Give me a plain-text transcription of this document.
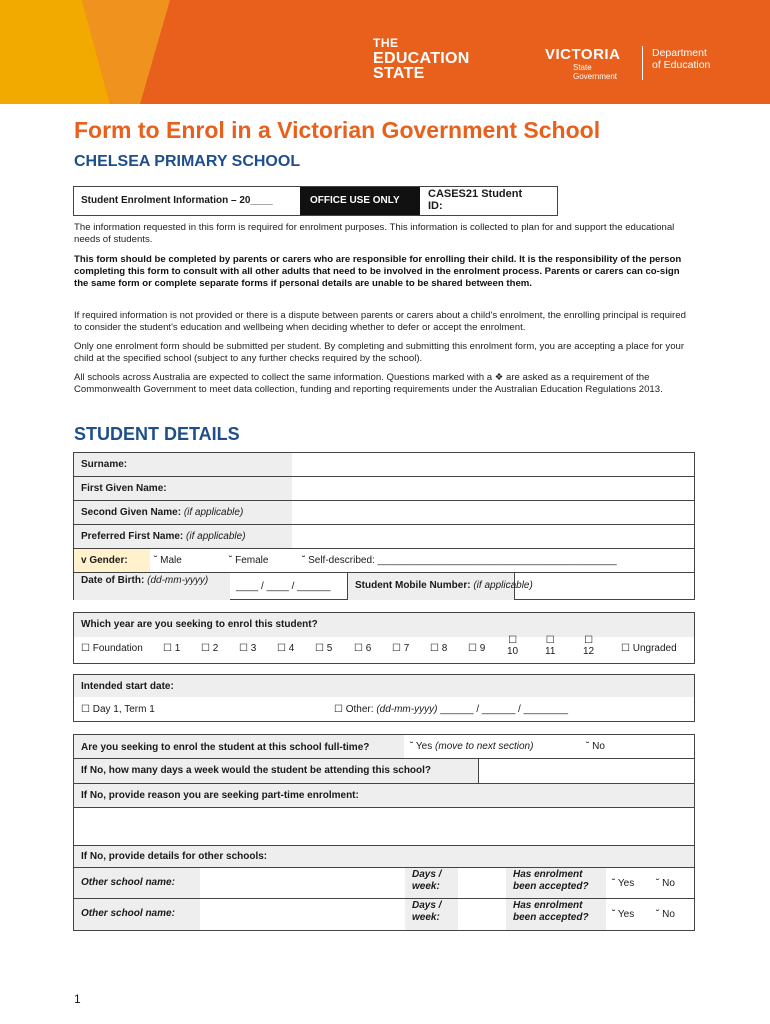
THE
EDUCATION
STATE
VICTORIA
State
Government
Department
of Education
Form to Enrol in a Victorian Government School
CHELSEA PRIMARY SCHOOL
Student Enrolment Information – 20____	OFFICE USE ONLY
CASES21 Student
ID:
The information requested in this form is required for enrolment purposes. This information is collected to plan for and support the educational needs of students.
This form should be completed by parents or carers who are responsible for enrolling their child. It is the responsibility of the person completing this form to consult with all other adults that need to be involved in the enrolment process. Parents or carers can co-sign the same form or complete separate forms if personal details are unable to be shared between them.
If required information is not provided or there is a dispute between parents or carers about a child's enrolment, the enrolling principal is required to consider the student's education and wellbeing when deciding whether to defer or accept the enrolment.
Only one enrolment form should be submitted per student. By completing and submitting this enrolment form, you are accepting a place for your child at the specified school (subject to any further checks required by the school).
All schools across Australia are expected to collect the same information. Questions marked with a ❖ are asked as a requirement of the Commonwealth Government to meet data collection, funding and reporting requirements under the Australian Education Regulations 2013.
STUDENT DETAILS
Surname:
First Given Name:
Second Given Name: (if applicable)
Preferred First Name: (if applicable)
v Gender:	˘ Male	˘ Female	˘ Self-described: ___________________________________________
Date of Birth: (dd-mm-yyyy)
____ / ____ / ______	Student Mobile Number: (if applicable)
Which year are you seeking to enrol this student?
☐ Foundation ☐ 1 ☐ 2 ☐ 3 ☐ 4 ☐ 5 ☐ 6 ☐ 7 ☐ 8 ☐ 9
☐
10
☐
11
☐
12	☐ Ungraded
Intended start date:
☐ Day 1, Term 1	☐ Other: (dd-mm-yyyy) ______ / ______ / ________
Are you seeking to enrol the student at this school full-time?	˘ Yes (move to next section)	˘ No
If No, how many days a week would the student be attending this school?
If No, provide reason you are seeking part-time enrolment:
If No, provide details for other schools:
Other school name:
Days /
week:
Has enrolment
been accepted?	˘ Yes ˘ No
Other school name:
Days /
week:
Has enrolment
been accepted?	˘ Yes ˘ No
1
